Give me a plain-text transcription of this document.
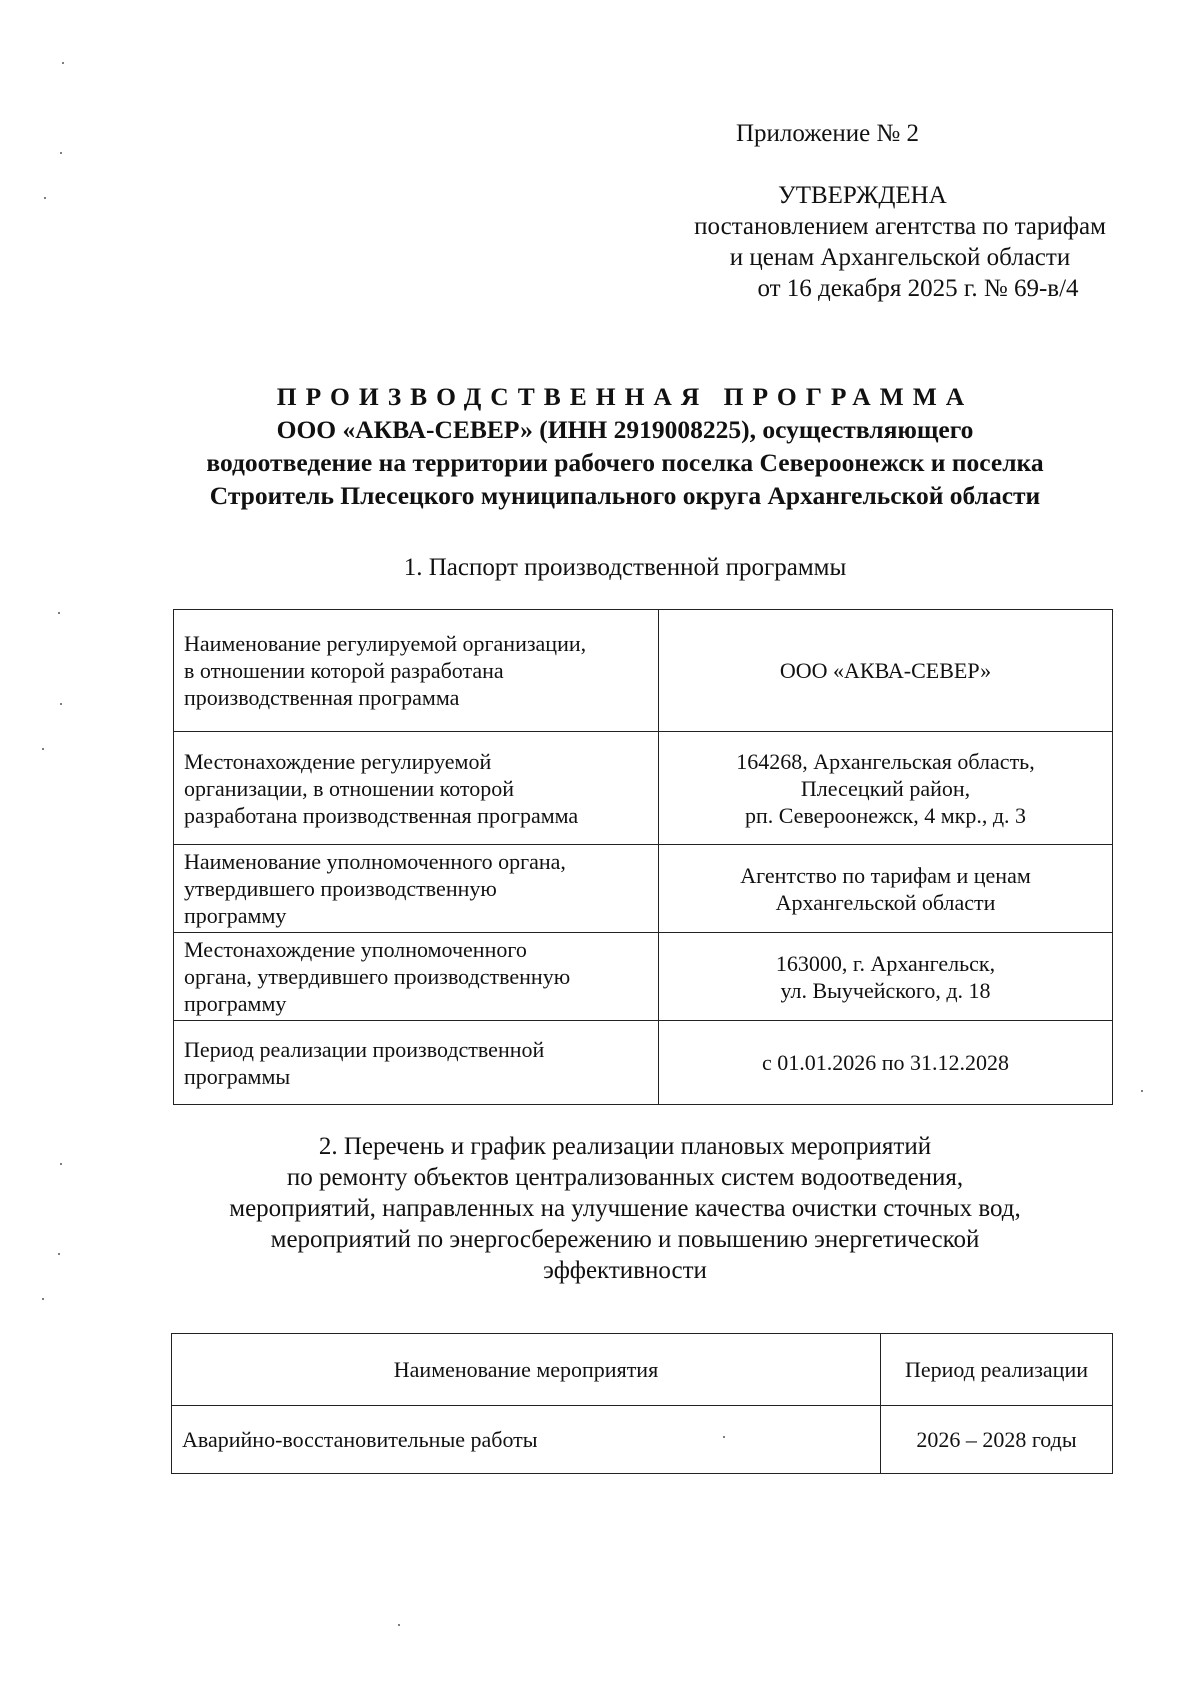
Приложение № 2
УТВЕРЖДЕНА
постановлением агентства по тарифам
и ценам Архангельской области
от 16 декабря 2025 г. № 69-в/4
ПРОИЗВОДСТВЕННАЯ ПРОГРАММА
ООО «АКВА-СЕВЕР» (ИНН 2919008225), осуществляющего
водоотведение на территории рабочего поселка Североонежск и поселка
Строитель Плесецкого муниципального округа Архангельской области
1. Паспорт производственной программы
Наименование регулируемой организации,
в отношении которой разработана
производственная программа	ООО «АКВА-СЕВЕР»

Местонахождение регулируемой
организации, в отношении которой
разработана производственная программа	164268, Архангельская область,
Плесецкий район,
рп. Североонежск, 4 мкр., д. 3

Наименование уполномоченного органа,
утвердившего производственную
программу	Агентство по тарифам и ценам
Архангельской области

Местонахождение уполномоченного
органа, утвердившего производственную
программу	163000, г. Архангельск,
ул. Выучейского, д. 18

Период реализации производственной
программы	с 01.01.2026 по 31.12.2028
2. Перечень и график реализации плановых мероприятий
по ремонту объектов централизованных систем водоотведения,
мероприятий, направленных на улучшение качества очистки сточных вод,
мероприятий по энергосбережению и повышению энергетической
эффективности
Наименование мероприятия	Период реализации
Аварийно-восстановительные работы	2026 – 2028 годы
